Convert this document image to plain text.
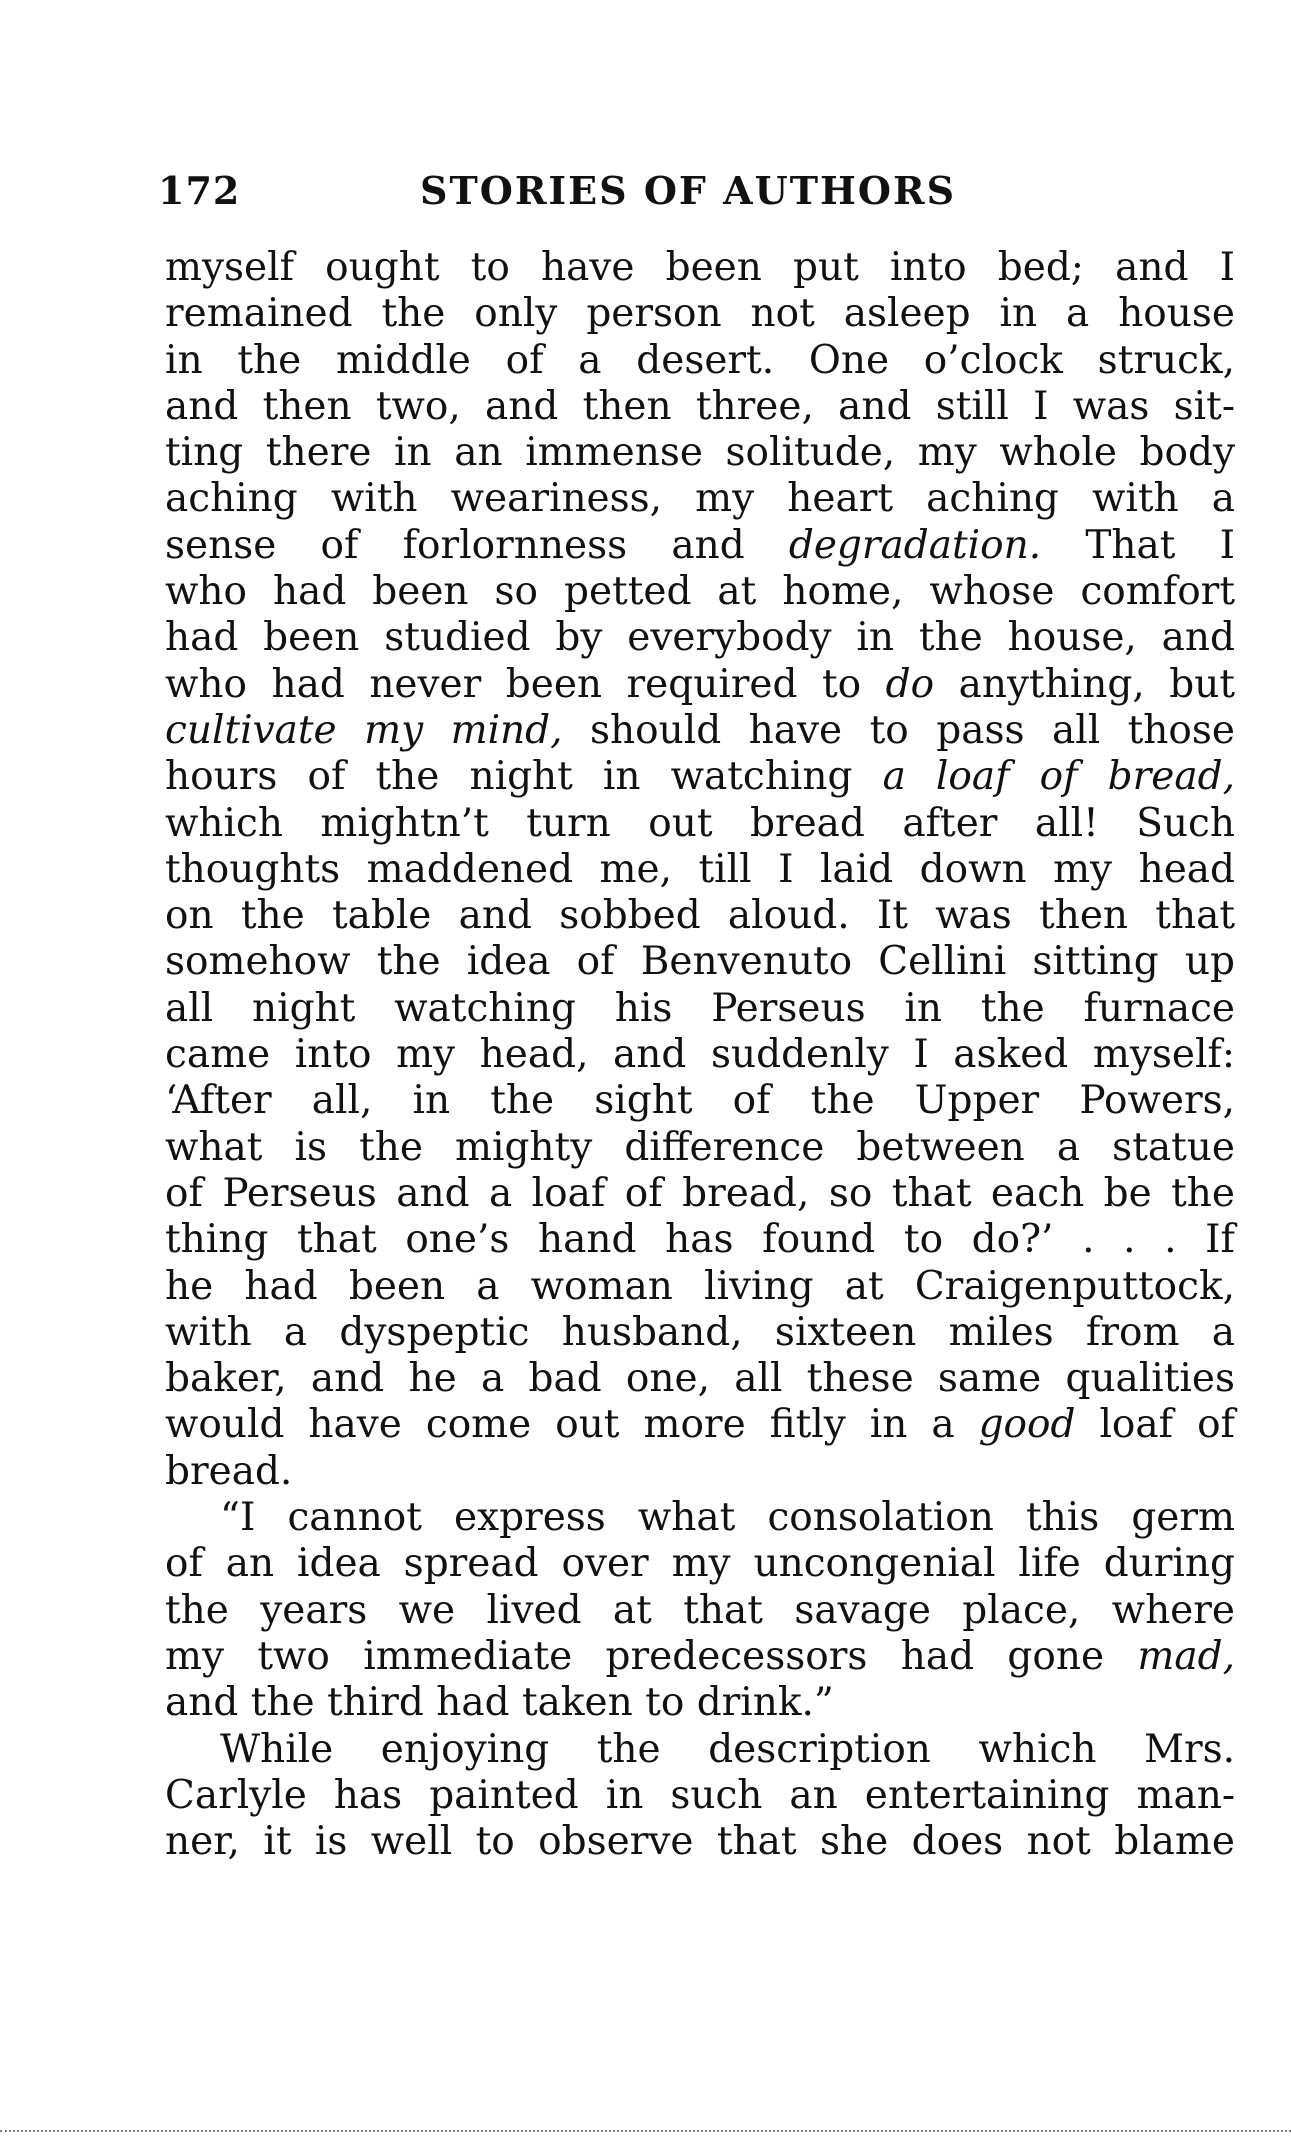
172	STORIES OF AUTHORS
myself ought to have been put into bed; and I
remained the only person not asleep in a house
in the middle of a desert. One o’clock struck,
and then two, and then three, and still I was sit-
ting there in an immense solitude, my whole body
aching with weariness, my heart aching with a
sense of forlornness and degradation. That I
who had been so petted at home, whose comfort
had been studied by everybody in the house, and
who had never been required to do anything, but
cultivate my mind, should have to pass all those
hours of the night in watching a loaf of bread,
which mightn’t turn out bread after all! Such
thoughts maddened me, till I laid down my head
on the table and sobbed aloud. It was then that
somehow the idea of Benvenuto Cellini sitting up
all night watching his Perseus in the furnace
came into my head, and suddenly I asked myself:
‘After all, in the sight of the Upper Powers,
what is the mighty difference between a statue
of Perseus and a loaf of bread, so that each be the
thing that one’s hand has found to do?’ . . . If
he had been a woman living at Craigenputtock,
with a dyspeptic husband, sixteen miles from a
baker, and he a bad one, all these same qualities
would have come out more fitly in a good loaf of
bread.
“I cannot express what consolation this germ
of an idea spread over my uncongenial life during
the years we lived at that savage place, where
my two immediate predecessors had gone mad,
and the third had taken to drink.”
While enjoying the description which Mrs.
Carlyle has painted in such an entertaining man-
ner, it is well to observe that she does not blame
